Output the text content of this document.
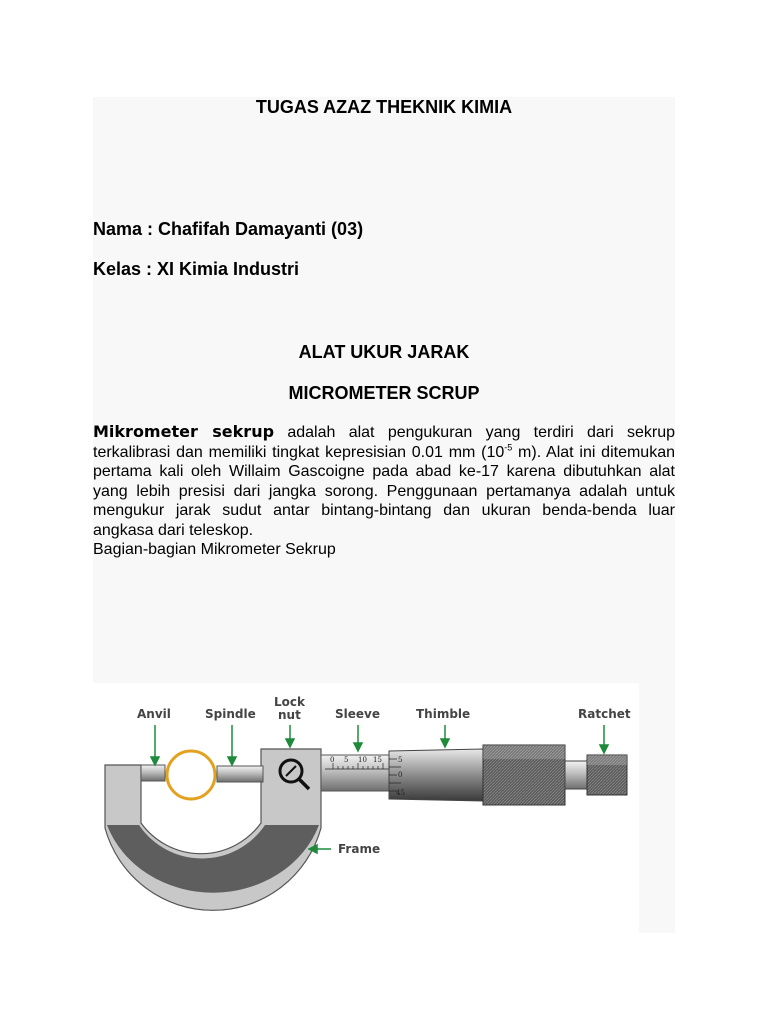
TUGAS AZAZ THEKNIK KIMIA
Nama : Chafifah Damayanti (03)
Kelas : XI Kimia Industri
ALAT UKUR JARAK
MICROMETER SCRUP
Mikrometer sekrup adalah alat pengukuran yang terdiri dari sekrup terkalibrasi dan memiliki tingkat kepresisian 0.01 mm ($10^{-5}$ m). Alat ini ditemukan pertama kali oleh Willaim Gascoigne pada abad ke-17 karena dibutuhkan alat yang lebih presisi dari jangka sorong. Penggunaan pertamanya adalah untuk mengukur jarak sudut antar bintang-bintang dan ukuran benda-benda luar angkasa dari teleskop.
Bagian-bagian Mikrometer Sekrup
0 5 10 15 5
0
45
Anvil	Spindle
Lock
nut	Sleeve	Thimble	Ratchet
Frame
